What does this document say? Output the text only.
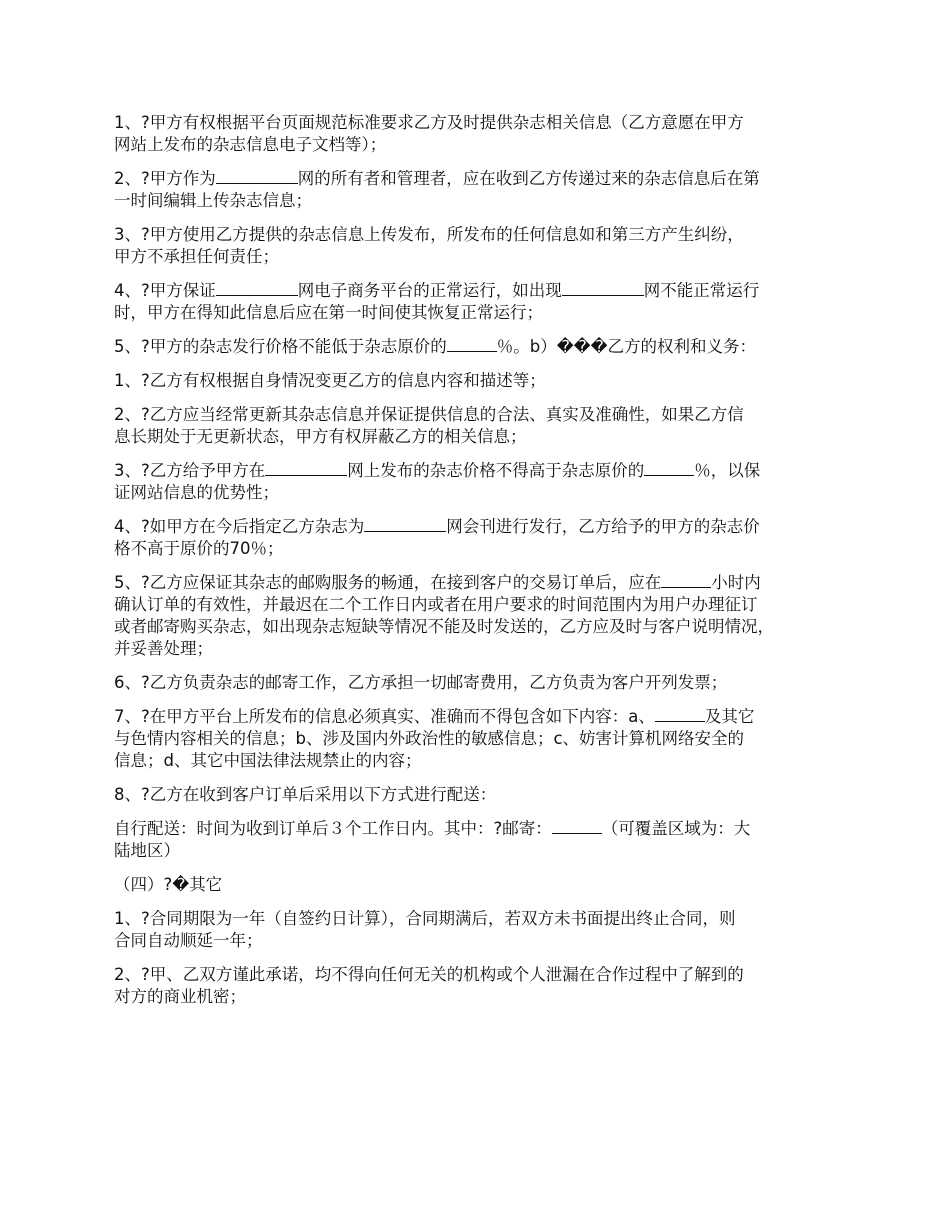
1、?甲方有权根据平台页面规范标准要求乙方及时提供杂志相关信息（乙方意愿在甲方
网站上发布的杂志信息电子文档等）；

2、?甲方作为	网的所有者和管理者，应在收到乙方传递过来的杂志信息后在第
一时间编辑上传杂志信息；

3、?甲方使用乙方提供的杂志信息上传发布，所发布的任何信息如和第三方产生纠纷，
甲方不承担任何责任；

4、?甲方保证	网电子商务平台的正常运行，如出现	网不能正常运行
时，甲方在得知此信息后应在第一时间使其恢复正常运行；

5、?甲方的杂志发行价格不能低于杂志原价的	％。b）���乙方的权利和义务：

1、?乙方有权根据自身情况变更乙方的信息内容和描述等；

2、?乙方应当经常更新其杂志信息并保证提供信息的合法、真实及准确性，如果乙方信
息长期处于无更新状态，甲方有权屏蔽乙方的相关信息；

3、?乙方给予甲方在	网上发布的杂志价格不得高于杂志原价的	％，以保
证网站信息的优势性；

4、?如甲方在今后指定乙方杂志为	网会刊进行发行，乙方给予的甲方的杂志价
格不高于原价的70％；

5、?乙方应保证其杂志的邮购服务的畅通，在接到客户的交易订单后，应在	小时内
确认订单的有效性，并最迟在二个工作日内或者在用户要求的时间范围内为用户办理征订
或者邮寄购买杂志，如出现杂志短缺等情况不能及时发送的，乙方应及时与客户说明情况，
并妥善处理；

6、?乙方负责杂志的邮寄工作，乙方承担一切邮寄费用，乙方负责为客户开列发票；

7、?在甲方平台上所发布的信息必须真实、准确而不得包含如下内容：a、	及其它
与色情内容相关的信息；b、涉及国内外政治性的敏感信息；c、妨害计算机网络安全的
信息；d、其它中国法律法规禁止的内容；

8、?乙方在收到客户订单后采用以下方式进行配送：

自行配送：时间为收到订单后３个工作日内。其中：?邮寄：	（可覆盖区域为：大
陆地区）

（四）?�其它

1、?合同期限为一年（自签约日计算），合同期满后，若双方未书面提出终止合同，则
合同自动顺延一年；

2、?甲、乙双方谨此承诺，均不得向任何无关的机构或个人泄漏在合作过程中了解到的
对方的商业机密；
